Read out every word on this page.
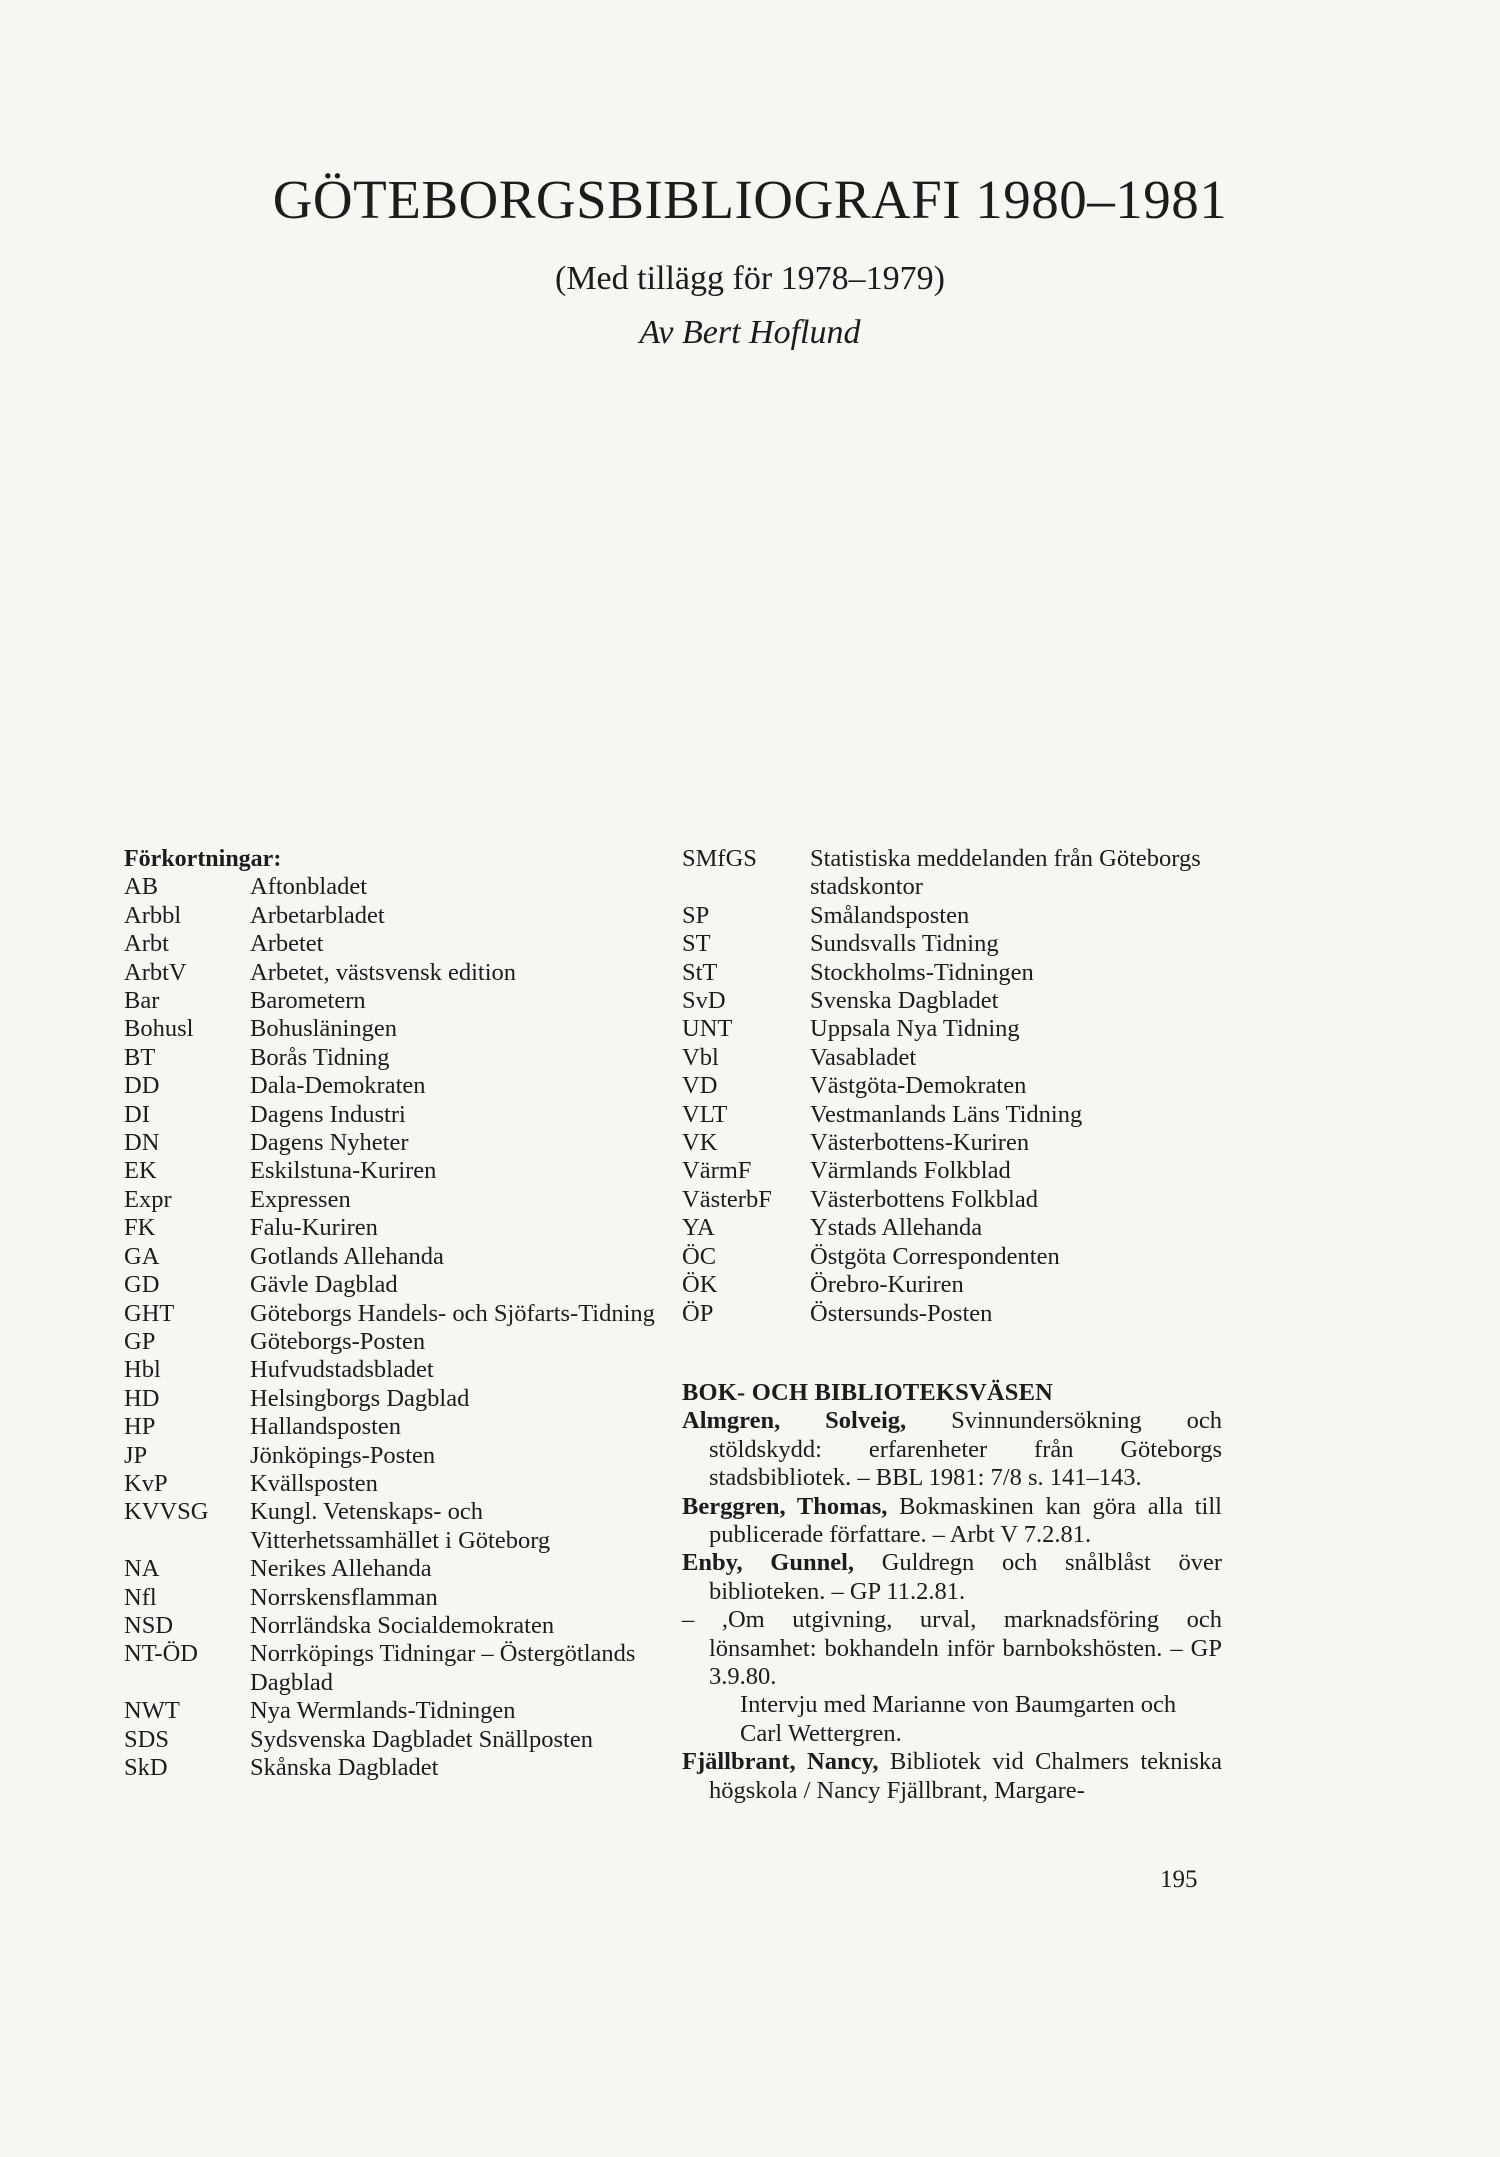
GÖTEBORGSBIBLIOGRAFI 1980–1981

(Med tillägg för 1978–1979)

Av Bert Hoflund

Förkortningar:

AB	Aftonbladet
Arbbl	Arbetarbladet
Arbt	Arbetet
ArbtV	Arbetet, västsvensk edition
Bar	Barometern
Bohusl	Bohusläningen
BT	Borås Tidning
DD	Dala-Demokraten
DI	Dagens Industri
DN	Dagens Nyheter
EK	Eskilstuna-Kuriren
Expr	Expressen
FK	Falu-Kuriren
GA	Gotlands Allehanda
GD	Gävle Dagblad
GHT	Göteborgs Handels- och Sjöfarts-Tidning
GP	Göteborgs-Posten
Hbl	Hufvudstadsbladet
HD	Helsingborgs Dagblad
HP	Hallandsposten
JP	Jönköpings-Posten
KvP	Kvällsposten
KVVSG	Kungl. Vetenskaps- och Vitterhetssamhället i Göteborg
NA	Nerikes Allehanda
Nfl	Norrskensflamman
NSD	Norrländska Socialdemokraten
NT-ÖD	Norrköpings Tidningar – Östergötlands Dagblad
NWT	Nya Wermlands-Tidningen
SDS	Sydsvenska Dagbladet Snällposten
SkD	Skånska Dagbladet
SMfGS	Statistiska meddelanden från Göteborgs stadskontor
SP	Smålandsposten
ST	Sundsvalls Tidning
StT	Stockholms-Tidningen
SvD	Svenska Dagbladet
UNT	Uppsala Nya Tidning
Vbl	Vasabladet
VD	Västgöta-Demokraten
VLT	Vestmanlands Läns Tidning
VK	Västerbottens-Kuriren
VärmF	Värmlands Folkblad
VästerbF	Västerbottens Folkblad
YA	Ystads Allehanda
ÖC	Östgöta Correspondenten
ÖK	Örebro-Kuriren
ÖP	Östersunds-Posten

BOK- OCH BIBLIOTEKSVÄSEN

Almgren, Solveig, Svinnundersökning och stöldskydd: erfarenheter från Göteborgs stadsbibliotek. – BBL 1981: 7/8 s. 141–143.

Berggren, Thomas, Bokmaskinen kan göra alla till publicerade författare. – Arbt V 7.2.81.

Enby, Gunnel, Guldregn och snålblåst över biblioteken. – GP 11.2.81.

– ,Om utgivning, urval, marknadsföring och lönsamhet: bokhandeln inför barnbokshösten. – GP 3.9.80.

Intervju med Marianne von Baumgarten och Carl Wettergren.

Fjällbrant, Nancy, Bibliotek vid Chalmers tekniska högskola / Nancy Fjällbrant, Margare-

195
